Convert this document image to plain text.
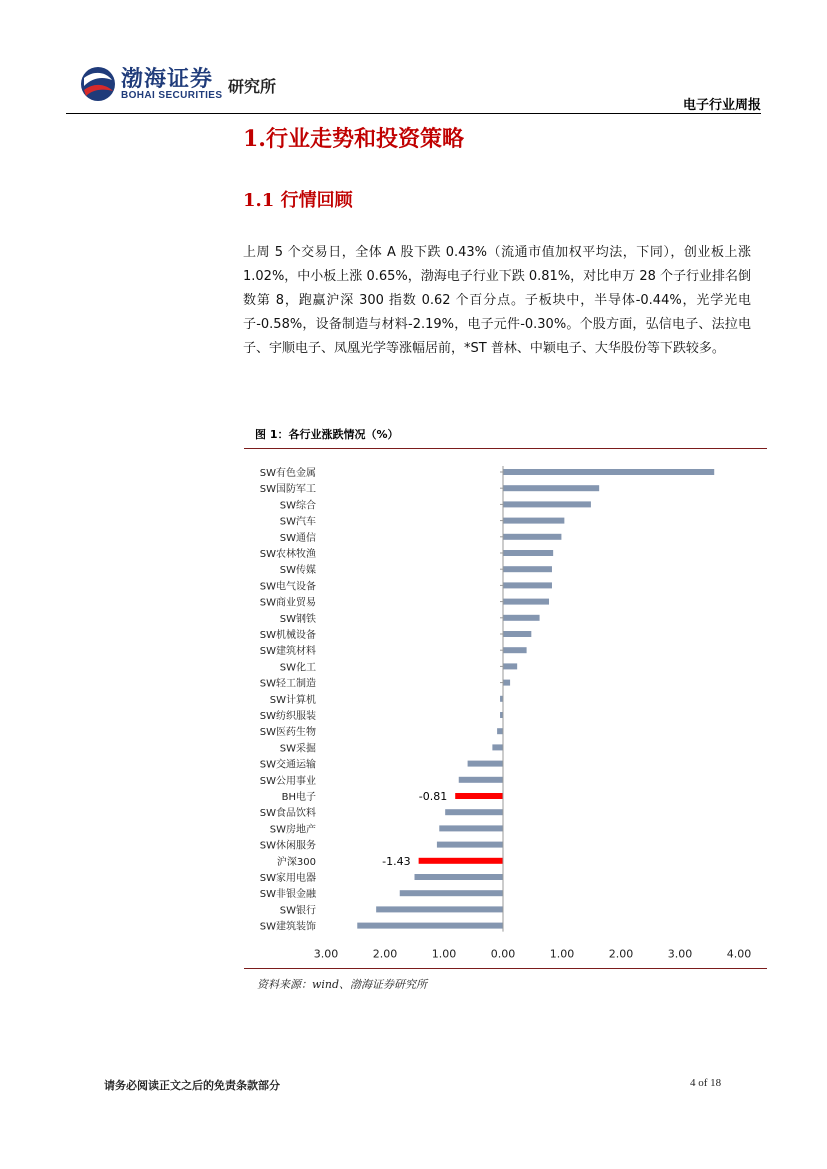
渤海证券
BOHAI SECURITIES 研究所
电子行业周报
1.行业走势和投资策略
1.1 行情回顾
上周 5 个交易日，全体 A 股下跌 0.43%（流通市值加权平均法，下同），创业板上涨 1.02%，中小板上涨 0.65%，渤海电子行业下跌 0.81%，对比申万 28 个子行业排名倒数第 8，跑赢沪深 300 指数 0.62 个百分点。子板块中，半导体-0.44%，光学光电子-0.58%，设备制造与材料-2.19%，电子元件-0.30%。个股方面，弘信电子、法拉电子、宇顺电子、凤凰光学等涨幅居前，*ST 普林、中颖电子、大华股份等下跌较多。
图 1：各行业涨跌情况（%）
SW有色金属
SW国防军工
SW综合
SW汽车
SW通信
SW农林牧渔
SW传媒
SW电气设备
SW商业贸易
SW钢铁
SW机械设备
SW建筑材料
SW化工
SW轻工制造
SW计算机
SW纺织服装
SW医药生物
SW采掘
SW交通运输
SW公用事业
BH电子	-0.81
SW食品饮料
SW房地产
SW休闲服务
沪深300	-1.43
SW家用电器
SW非银金融
SW银行
SW建筑装饰
3.00	2.00	1.00	0.00	1.00	2.00	3.00	4.00
资料来源：wind、渤海证券研究所
请务必阅读正文之后的免责条款部分	4 of 18
